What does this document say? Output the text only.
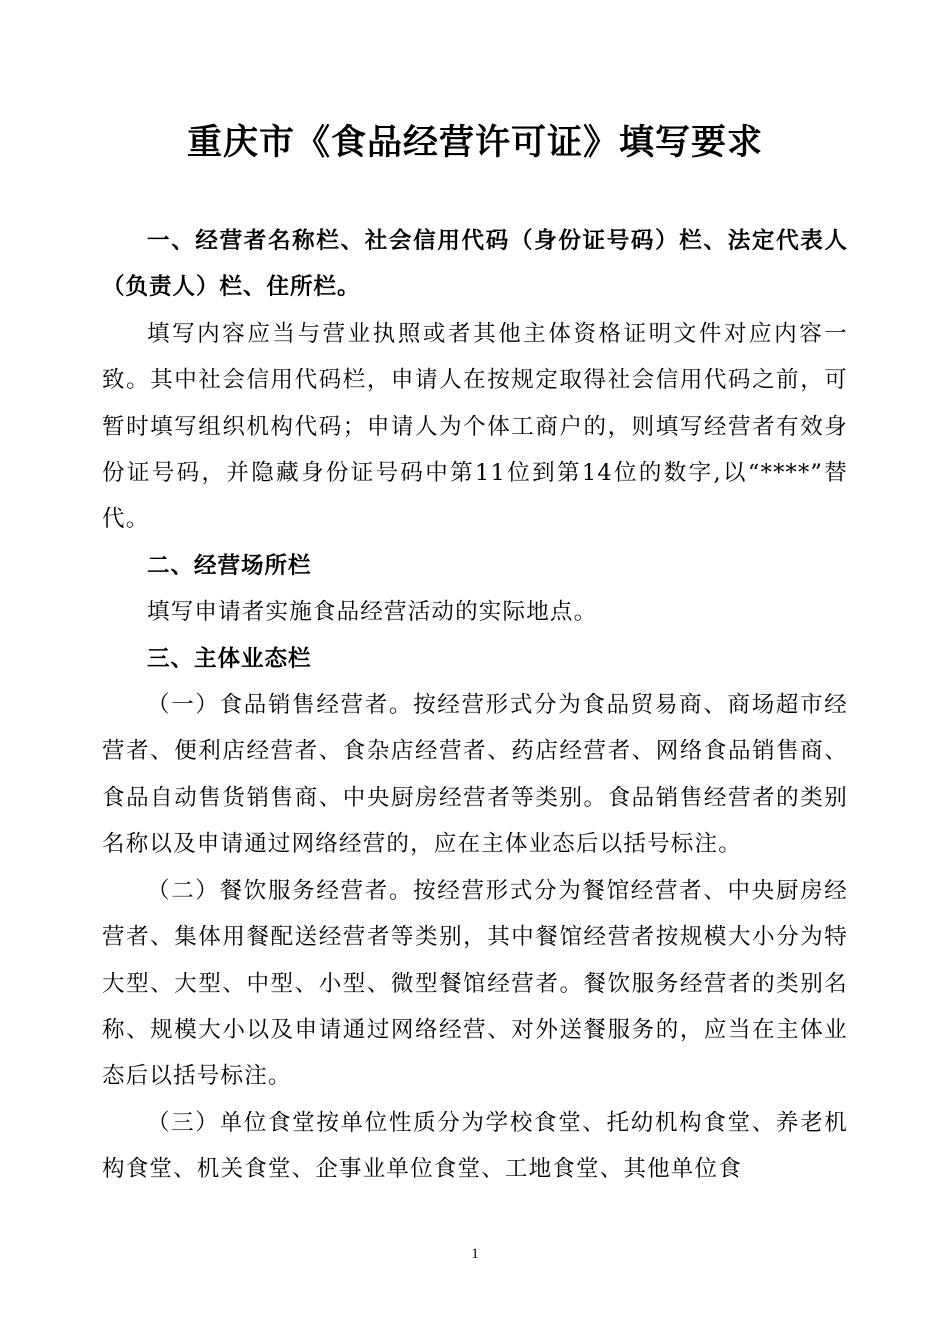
重庆市《食品经营许可证》填写要求

一、经营者名称栏、社会信用代码（身份证号码）栏、法定代表人（负责人）栏、住所栏。

填写内容应当与营业执照或者其他主体资格证明文件对应内容一致。其中社会信用代码栏，申请人在按规定取得社会信用代码之前，可暂时填写组织机构代码；申请人为个体工商户的，则填写经营者有效身份证号码，并隐藏身份证号码中第11位到第14位的数字,以“****”替代。

二、经营场所栏

填写申请者实施食品经营活动的实际地点。

三、主体业态栏

（一）食品销售经营者。按经营形式分为食品贸易商、商场超市经营者、便利店经营者、食杂店经营者、药店经营者、网络食品销售商、食品自动售货销售商、中央厨房经营者等类别。食品销售经营者的类别名称以及申请通过网络经营的，应在主体业态后以括号标注。

（二）餐饮服务经营者。按经营形式分为餐馆经营者、中央厨房经营者、集体用餐配送经营者等类别，其中餐馆经营者按规模大小分为特大型、大型、中型、小型、微型餐馆经营者。餐饮服务经营者的类别名称、规模大小以及申请通过网络经营、对外送餐服务的，应当在主体业态后以括号标注。

（三）单位食堂按单位性质分为学校食堂、托幼机构食堂、养老机构食堂、机关食堂、企事业单位食堂、工地食堂、其他单位食

1
